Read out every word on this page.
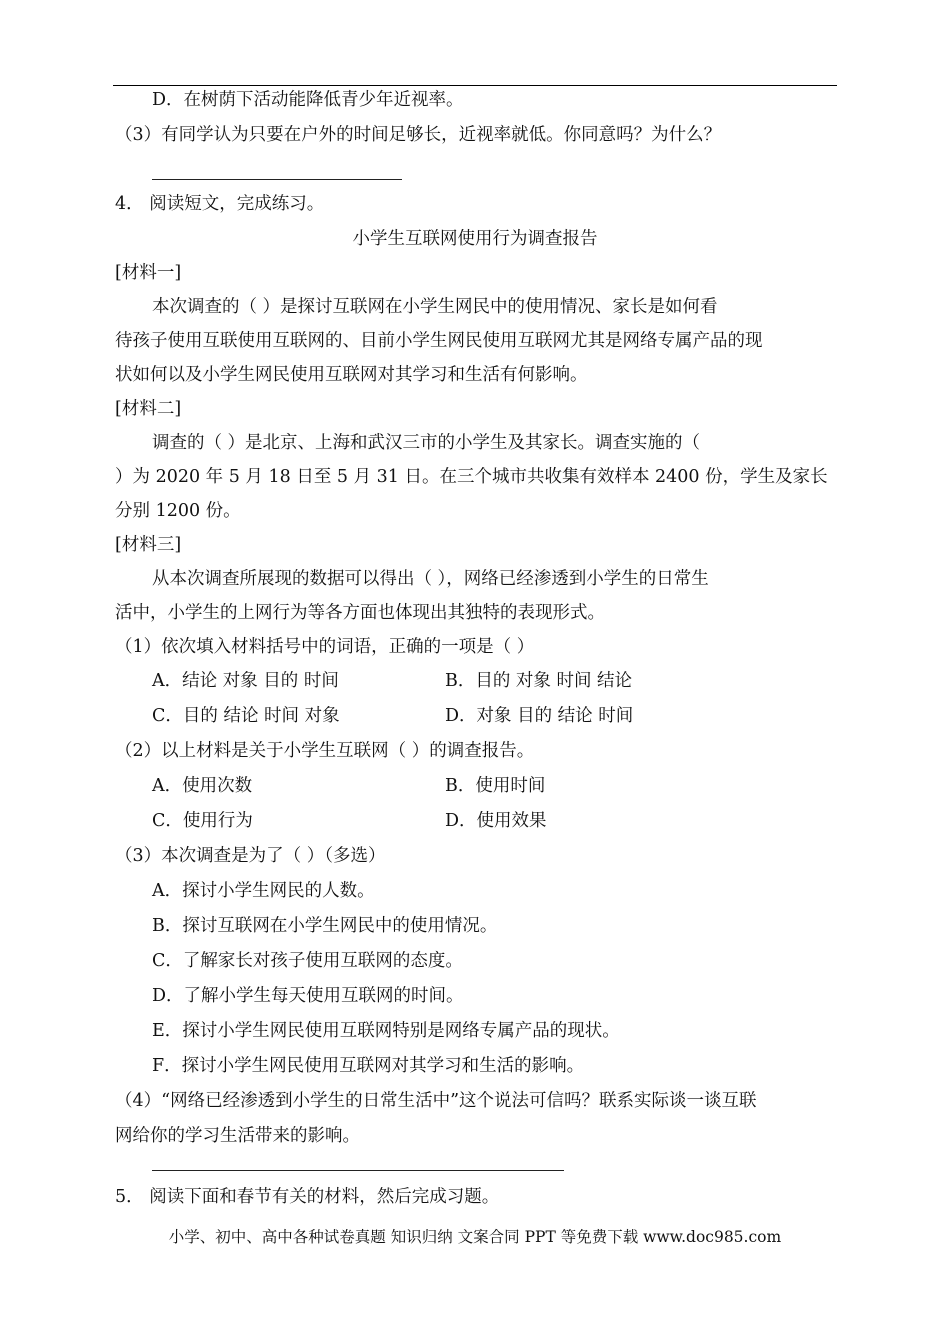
D．在树荫下活动能降低青少年近视率。
（3）有同学认为只要在户外的时间足够长，近视率就低。你同意吗？为什么？
4． 阅读短文，完成练习。
小学生互联网使用行为调查报告
[材料一]
本次调查的（ ）是探讨互联网在小学生网民中的使用情况、家长是如何看
待孩子使用互联使用互联网的、目前小学生网民使用互联网尤其是网络专属产品的现
状如何以及小学生网民使用互联网对其学习和生活有何影响。
[材料二]
调查的（ ）是北京、上海和武汉三市的小学生及其家长。调查实施的（
）为 2020 年 5 月 18 日至 5 月 31 日。在三个城市共收集有效样本 2400 份，学生及家长
分别 1200 份。
[材料三]
从本次调查所展现的数据可以得出（ ），网络已经渗透到小学生的日常生
活中，小学生的上网行为等各方面也体现出其独特的表现形式。
（1）依次填入材料括号中的词语，正确的一项是（ ）
A．结论 对象 目的 时间	B．目的 对象 时间 结论
C．目的 结论 时间 对象	D．对象 目的 结论 时间
（2）以上材料是关于小学生互联网（ ）的调查报告。
A．使用次数	B．使用时间
C．使用行为	D．使用效果
（3）本次调查是为了（ ）（多选）
A．探讨小学生网民的人数。
B．探讨互联网在小学生网民中的使用情况。
C．了解家长对孩子使用互联网的态度。
D．了解小学生每天使用互联网的时间。
E．探讨小学生网民使用互联网特别是网络专属产品的现状。
F．探讨小学生网民使用互联网对其学习和生活的影响。
（4）“网络已经渗透到小学生的日常生活中”这个说法可信吗？联系实际谈一谈互联
网给你的学习生活带来的影响。
5． 阅读下面和春节有关的材料，然后完成习题。
小学、初中、高中各种试卷真题 知识归纳 文案合同 PPT 等免费下载 www.doc985.com
